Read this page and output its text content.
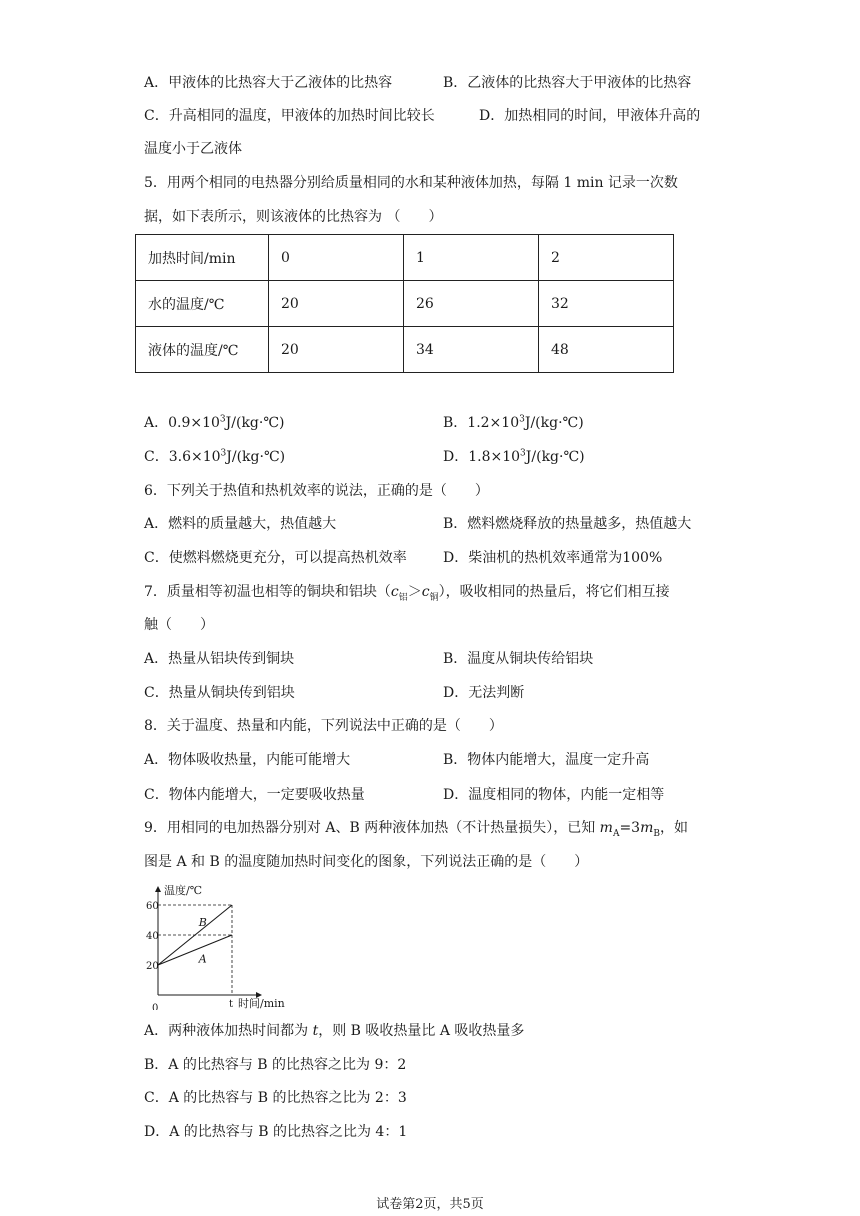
A．甲液体的比热容大于乙液体的比热容	B．乙液体的比热容大于甲液体的比热容
C．升高相同的温度，甲液体的加热时间比较长	D．加热相同的时间，甲液体升高的
温度小于乙液体
5．用两个相同的电热器分别给质量相同的水和某种液体加热，每隔 1 min 记录一次数
据，如下表所示，则该液体的比热容为 （　　）
加热时间/min	0	1	2
水的温度/℃	20	26	32
液体的温度/℃	20	34	48
A．$0.9\times 10^3J/(kg\cdot℃)$	B．$1.2\times 10^3J/(kg\cdot℃)$
C．$3.6\times 10^3J/(kg\cdot℃)$	D．$1.8\times 10^3J/(kg\cdot℃)$
6．下列关于热值和热机效率的说法，正确的是（　　）
A．燃料的质量越大，热值越大	B．燃料燃烧释放的热量越多，热值越大
C．使燃料燃烧更充分，可以提高热机效率	D．柴油机的热机效率通常为100%
7．质量相等初温也相等的铜块和铝块$(c_铝>c_铜)$，吸收相同的热量后，将它们相互接
触（　　）
A．热量从铝块传到铜块	B．温度从铜块传给铝块
C．热量从铜块传到铝块	D．无法判断
8．关于温度、热量和内能，下列说法中正确的是（　　）
A．物体吸收热量，内能可能增大	B．物体内能增大，温度一定升高
C．物体内能增大，一定要吸收热量	D．温度相同的物体，内能一定相等
9．用相同的电加热器分别对 A、B 两种液体加热（不计热量损失），已知 $m_A=3m_B$，如
图是 A 和 B 的温度随加热时间变化的图象，下列说法正确的是（　　）
温度/℃
时间/min
20
40
60
0	t
A
B
A．两种液体加热时间都为 t，则 B 吸收热量比 A 吸收热量多
B．A 的比热容与 B 的比热容之比为 9：2
C．A 的比热容与 B 的比热容之比为 2：3
D．A 的比热容与 B 的比热容之比为 4：1
试卷第2页，共5页
